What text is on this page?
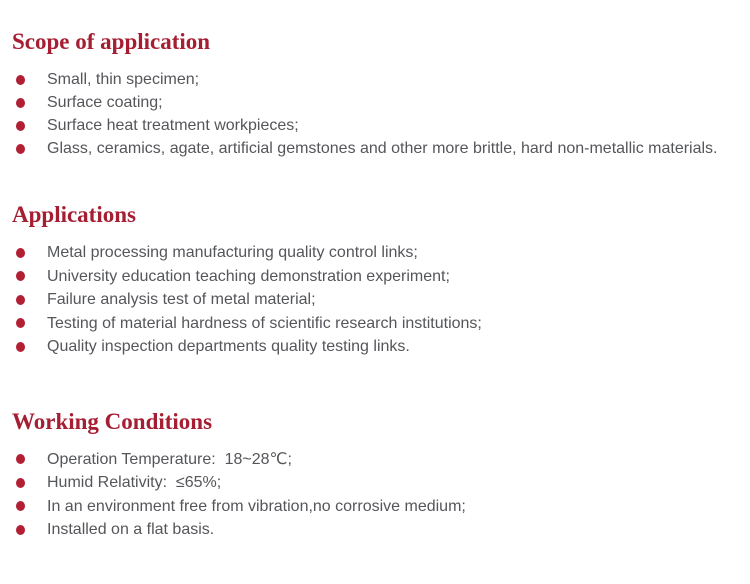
Scope of application
Small, thin specimen;
Surface coating;
Surface heat treatment workpieces;
Glass, ceramics, agate, artificial gemstones and other more brittle, hard non-metallic materials.
Applications
Metal processing manufacturing quality control links;
University education teaching demonstration experiment;
Failure analysis test of metal material;
Testing of material hardness of scientific research institutions;
Quality inspection departments quality testing links.
Working Conditions
Operation Temperature:  18~28℃;
Humid Relativity:  ≤65%;
In an environment free from vibration,no corrosive medium;
Installed on a flat basis.
